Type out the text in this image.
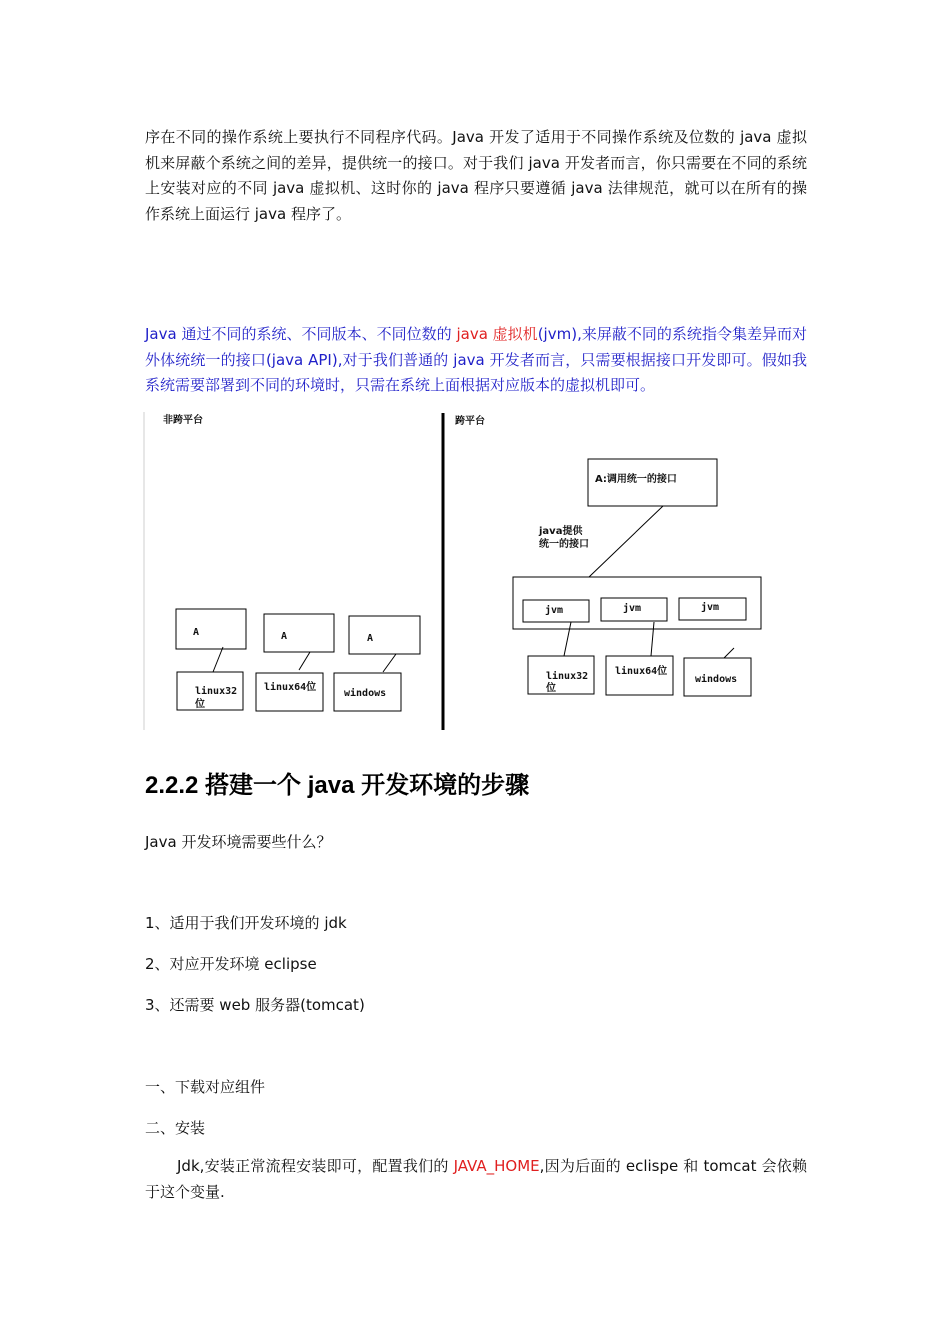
序在不同的操作系统上要执行不同程序代码。Java 开发了适用于不同操作系统及位数的 java 虚拟机来屏蔽个系统之间的差异，提供统一的接口。对于我们 java 开发者而言，你只需要在不同的系统上安装对应的不同 java 虚拟机、这时你的 java 程序只要遵循 java 法律规范，就可以在所有的操作系统上面运行 java 程序了。

Java 通过不同的系统、不同版本、不同位数的 java 虚拟机(jvm),来屏蔽不同的系统指令集差异而对外体统统一的接口(java API),对于我们普通的 java 开发者而言，只需要根据接口开发即可。假如我系统需要部署到不同的环境时，只需在系统上面根据对应版本的虚拟机即可。

非跨平台
A	A	A
linux32
位
linux64位
windows
跨平台
A:调用统一的接口
java提供
统一的接口
jvm	jvm	jvm
linux32
位
linux64位
windows
2.2.2 搭建一个 java 开发环境的步骤

Java 开发环境需要些什么？

1、适用于我们开发环境的 jdk

2、对应开发环境 eclipse

3、还需要 web 服务器(tomcat)

一、下载对应组件

二、安装

Jdk,安装正常流程安装即可，配置我们的 JAVA_HOME,因为后面的 eclispe 和 tomcat 会依赖于这个变量.
